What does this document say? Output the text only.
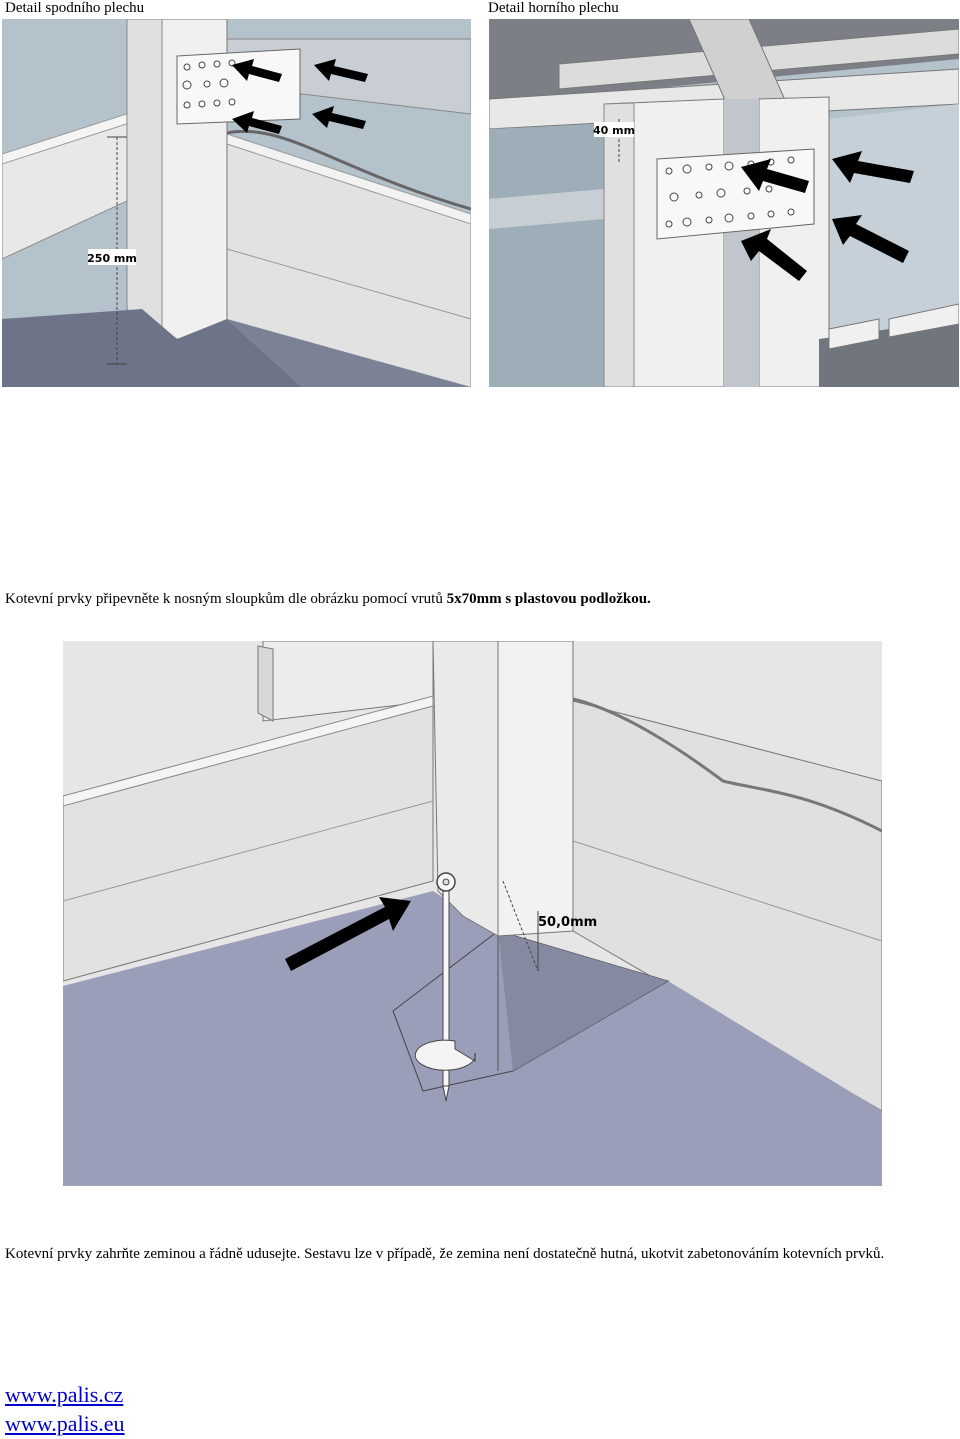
Detail spodního plechu	Detail horního plechu
250 mm
40 mm
Kotevní prvky připevněte k nosným sloupkům dle obrázku pomocí vrutů 5x70mm s plastovou podložkou.
50,0mm
Kotevní prvky zahrňte zeminou a řádně udusejte. Sestavu lze v případě, že zemina není dostatečně hutná, ukotvit zabetonováním kotevních prvků.
www.palis.cz
www.palis.eu
